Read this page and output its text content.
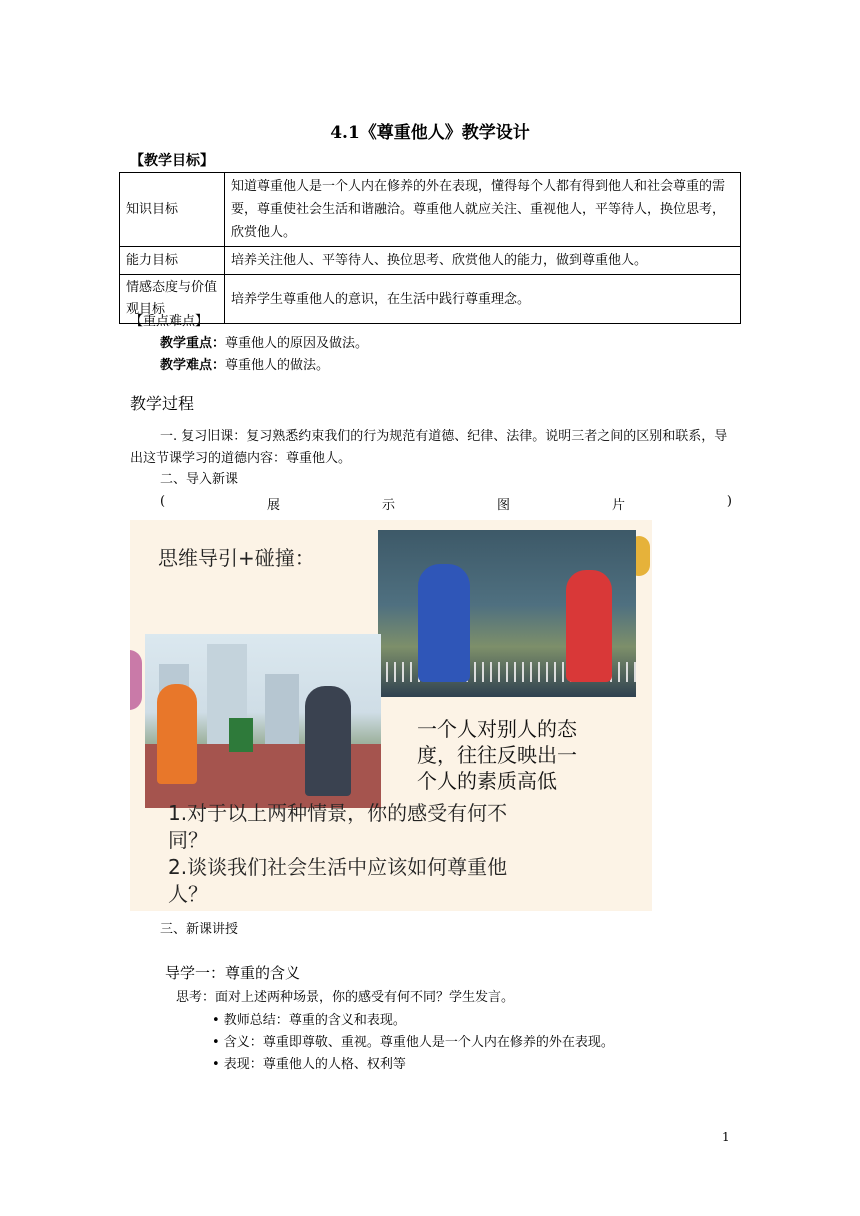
4.1《尊重他人》教学设计
【教学目标】
知识目标	知道尊重他人是一个人内在修养的外在表现，懂得每个人都有得到他人和社会尊重的需要，尊重使社会生活和谐融洽。尊重他人就应关注、重视他人，平等待人，换位思考，欣赏他人。
能力目标	培养关注他人、平等待人、换位思考、欣赏他人的能力，做到尊重他人。
情感态度与价值观目标	培养学生尊重他人的意识，在生活中践行尊重理念。
【重点难点】
教学重点：尊重他人的原因及做法。
教学难点：尊重他人的做法。
教学过程
一. 复习旧课：复习熟悉约束我们的行为规范有道德、纪律、法律。说明三者之间的区别和联系，导出这节课学习的道德内容：尊重他人。
二、导入新课
(	展	示	图	片	)
思维导引+碰撞：
一个人对别人的态
度，往往反映出一
个人的素质高低
1.对于以上两种情景，你的感受有何不
同？
2.谈谈我们社会生活中应该如何尊重他
人？
三、新课讲授
导学一：尊重的含义
思考：面对上述两种场景，你的感受有何不同？学生发言。
• 教师总结：尊重的含义和表现。
• 含义：尊重即尊敬、重视。尊重他人是一个人内在修养的外在表现。
• 表现：尊重他人的人格、权利等
1
